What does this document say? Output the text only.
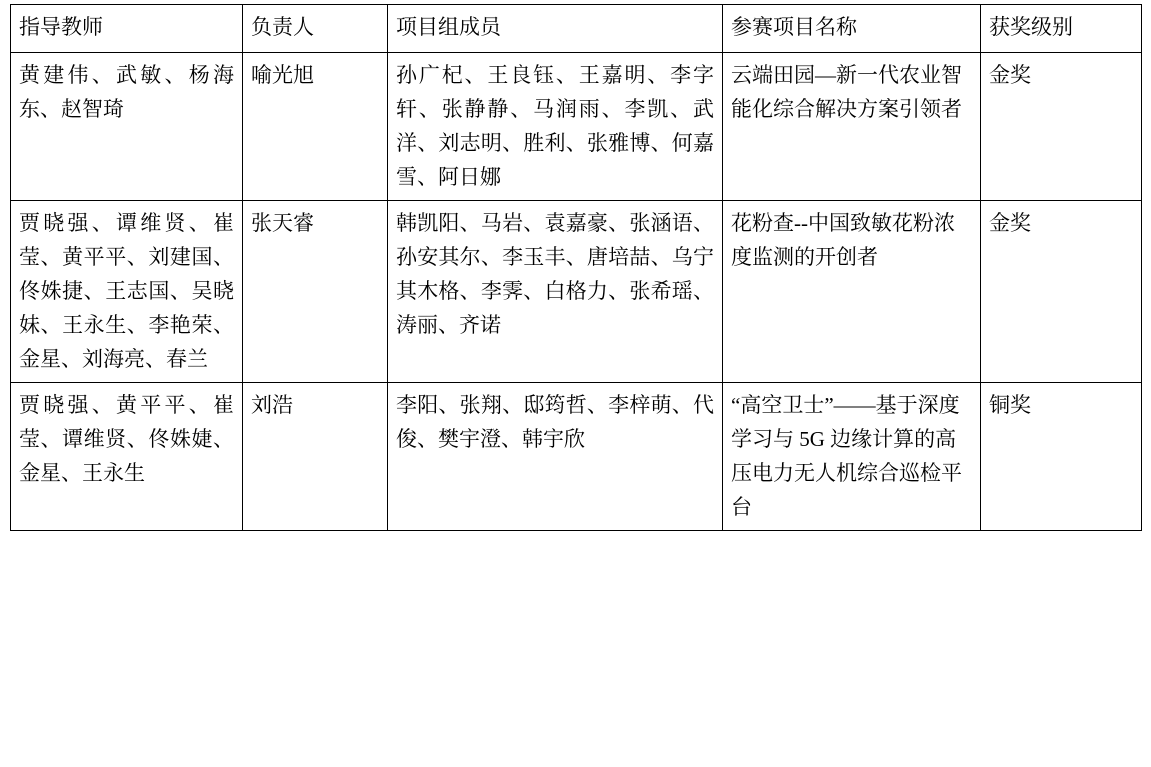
指导教师	负责人	项目组成员	参赛项目名称	获奖级别

黄建伟、武敏、杨海东、赵智琦	喻光旭	孙广杞、王良钰、王嘉明、李字轩、张静静、马润雨、李凯、武洋、刘志明、胜利、张雅博、何嘉雪、阿日娜	云端田园—新一代农业智能化综合解决方案引领者	金奖

贾晓强、谭维贤、崔莹、黄平平、刘建国、佟姝捷、王志国、吴晓妹、王永生、李艳荣、金星、刘海亮、春兰	张天睿	韩凯阳、马岩、袁嘉豪、张涵语、孙安其尔、李玉丰、唐培喆、乌宁其木格、李霁、白格力、张希瑶、涛丽、齐诺	花粉查--中国致敏花粉浓度监测的开创者	金奖

贾晓强、黄平平、崔莹、谭维贤、佟姝婕、金星、王永生	刘浩	李阳、张翔、邸筠哲、李梓萌、代俊、樊宇澄、韩宇欣	“高空卫士”——基于深度学习与 5G 边缘计算的高压电力无人机综合巡检平台	铜奖
